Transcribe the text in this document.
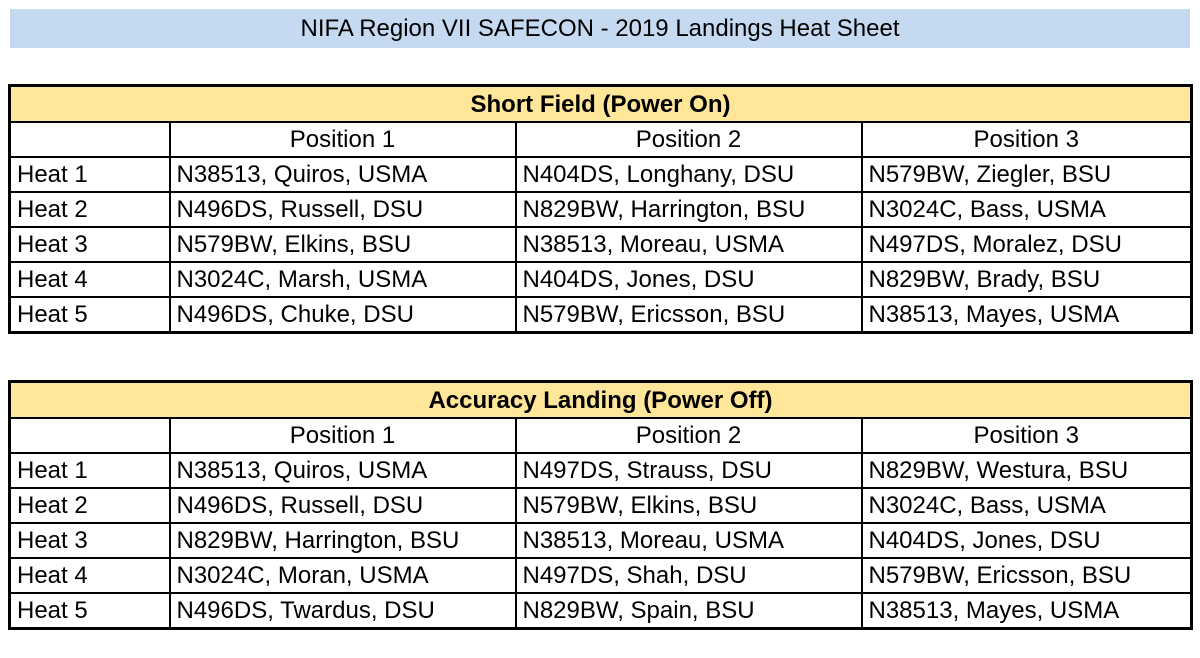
NIFA Region VII SAFECON - 2019 Landings Heat Sheet
Short Field (Power On)			
	Position 1	Position 2	Position 3
Heat 1	N38513, Quiros, USMA	N404DS, Longhany, DSU	N579BW, Ziegler, BSU
Heat 2	N496DS, Russell, DSU	N829BW, Harrington, BSU	N3024C, Bass, USMA
Heat 3	N579BW, Elkins, BSU	N38513, Moreau, USMA	N497DS, Moralez, DSU
Heat 4	N3024C, Marsh, USMA	N404DS, Jones, DSU	N829BW, Brady, BSU
Heat 5	N496DS, Chuke, DSU	N579BW, Ericsson, BSU	N38513, Mayes, USMA
Accuracy Landing (Power Off)			
	Position 1	Position 2	Position 3
Heat 1	N38513, Quiros, USMA	N497DS, Strauss, DSU	N829BW, Westura, BSU
Heat 2	N496DS, Russell, DSU	N579BW, Elkins, BSU	N3024C, Bass, USMA
Heat 3	N829BW, Harrington, BSU	N38513, Moreau, USMA	N404DS, Jones, DSU
Heat 4	N3024C, Moran, USMA	N497DS, Shah, DSU	N579BW, Ericsson, BSU
Heat 5	N496DS, Twardus, DSU	N829BW, Spain, BSU	N38513, Mayes, USMA
